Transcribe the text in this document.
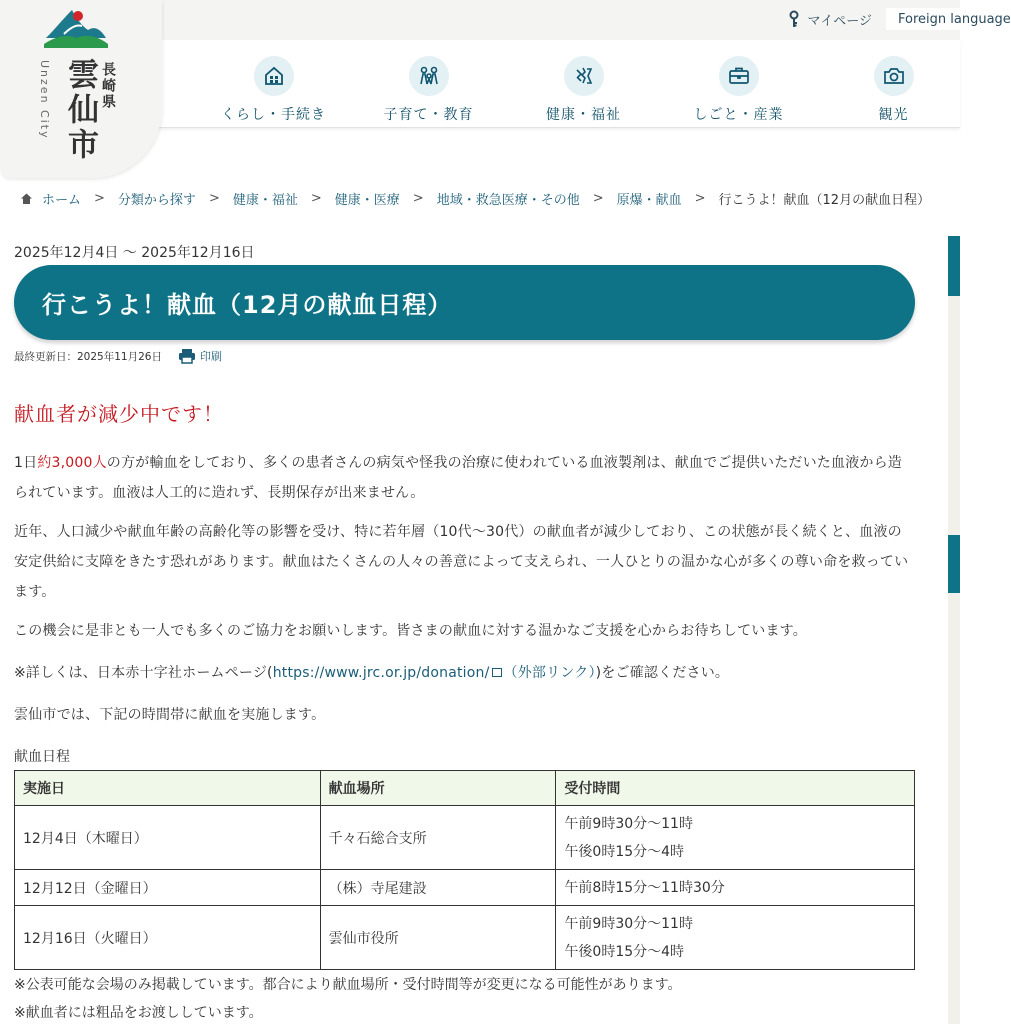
マイページ Foreign language
くらし・手続き	子育て・教育	健康・福祉	しごと・産業	観光
雲仙市 長崎県
Unzen City
ホーム > 分類から探す > 健康・福祉 > 健康・医療 > 地域・救急医療・その他 > 原爆・献血 > 行こうよ！献血（12月の献血日程）

2025年12月4日 ～ 2025年12月16日

行こうよ！献血（12月の献血日程）
最終更新日：2025年11月26日	印刷
献血者が減少中です！

1日約3,000人の方が輸血をしており、多くの患者さんの病気や怪我の治療に使われている血液製剤は、献血でご提供いただいた血液から造られています。血液は人工的に造れず、長期保存が出来ません。

近年、人口減少や献血年齢の高齢化等の影響を受け、特に若年層（10代～30代）の献血者が減少しており、この状態が長く続くと、血液の安定供給に支障をきたす恐れがあります。献血はたくさんの人々の善意によって支えられ、一人ひとりの温かな心が多くの尊い命を救っています。

この機会に是非とも一人でも多くのご協力をお願いします。皆さまの献血に対する温かなご支援を心からお待ちしています。

※詳しくは、日本赤十字社ホームページ(https://www.jrc.or.jp/donation/ （外部リンク）)をご確認ください。

雲仙市では、下記の時間帯に献血を実施します。

献血日程

実施日	献血場所	受付時間
12月4日（木曜日）	千々石総合支所	午前9時30分～11時
午後0時15分～4時

12月12日（金曜日）	（株）寺尾建設	午前8時15分～11時30分

12月16日（火曜日）	雲仙市役所	午前9時30分～11時
午後0時15分～4時

※公表可能な会場のみ掲載しています。都合により献血場所・受付時間等が変更になる可能性があります。

※献血者には粗品をお渡ししています。
